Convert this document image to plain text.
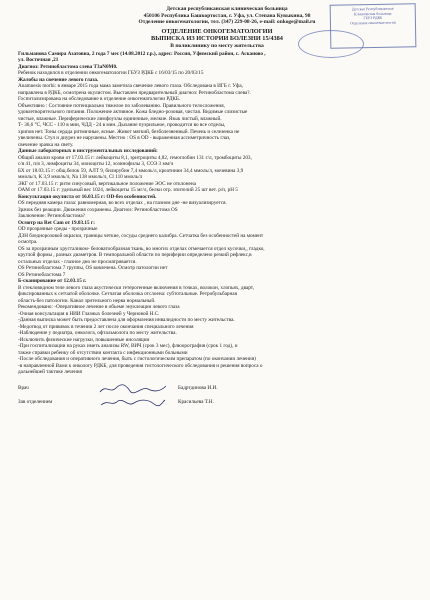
Детская Республиканская
Клиническая больница
ГБУЗ РДКБ
Отделение онкогематологии
Детская республиканская клиническая больница
450106 Республика Башкортостан, г. Уфа, ул. Степана Кувыкина, 98
Отделение онкогематологии, тел. (347) 229-08-26, e-mail: onkoge@mail.ru
ОТДЕЛЕНИЕ ОНКОГЕМАТОЛОГИИ
ВЫПИСКА ИЗ ИСТОРИИ БОЛЕЗНИ 15/4384
В поликлинику по месту жительства
Гильманова Самира Азатовна, 2 года 7 мес (14.08.2012 г.р.), адрес: Россия, Уфимский район, с. Асканово ,
ул. Восточная ,21
Диагноз: Ретинобластома слева T3aN0M0.
Ребенок находился в отделении онкогематологии ГБУЗ РДКБ с 16/03/15 по 20/03/15
Жалобы на свечение левого глаза.
Anamnesis morbi: в январе 2015 года мама заметила свечение левого глаза. Обследована в ИГБ г. Уфа,
направлена в РДКБ, осмотрена окулистом. Выставлен предварительный диагноз: Ретинобластома слева?.
Госпитализирована на обследование в отделение онкогематологии РДКБ.
Объективно : Состояние потенциально тяжелое по заболеванию. Правильного телосложения,
удовлетворительного питания. Положение активное. Кожа бледно-розовая, чистая. Видимые слизистые
чистые, влажные. Периферические лимфоузлы единичные, мелкие. Язык чистый, влажный.
Т- 36,6 °C, ЧСС - 110 в мин, ЧДД - 24 в мин. Дыхание пуэрильное, проводится во все отделы,
хрипов нет. Тоны сердца ритмичные, ясные. Живот мягкий, безболезненный. Печень и селезенка не
увеличены. Стул и диурез не нарушены. Местно : OS в OD - выраженная ассиметричность глаз,
свечение зрачка на свету.
Данные лабораторных и инструментальных исследований:
Общий анализ крови от 17.03.15 г: лейкоциты 8,1, эритроциты 4,82, гемоглобин 131 г/л, тромбоциты 203,
с/я 41, п/я 3, лимфоциты 34, моноциты 12, эозинофилы 3, СОЭ 3 мм/ч
БХ от 18.03.15 г: общ.белок 59, АЛТ 9, билирубин 7,4 ммоль/л, креатинин 34,4 ммоль/л, мочевина 3,9
ммоль/л, К 3,9 ммоль/л, Na 138 ммоль/л, Cl 110 ммоль/л
ЭКГ от 17.03.15 г: ритм синусовый, вертикальное положение ЭОС не отклонена
ОАМ от 17.03.15 г: удельный вес 1024, лейкоциты 15 мг/л, белки отр. эпителий 25 шт вет. р/п, рН 5
Консультация окулиста от 16.03.15 г: OD-без особенностей.
OS передняя камера глаза: равномерная, во всех отделах , на глазном дне -не визуализируется.
Зрачок без реакции. Движения сохранены. Диагноз: Ретинобластома OS
Заключение: Ретинобластома?
Осмотр на Ret Cam от 19.03.15 г:
OD прозрачные среды - прозрачные
ДЗН бледнорозовой окраски, границы четкие, сосуды среднего калибра. Сетчатка без особенностей на момент
осмотра.
OS за прозрачным хрусталиком- беловатообразная ткань, во многих отделах отмечается отдел кусочки,, гладко,
круглой формы , разных диаметров. В темпоральной области по периферии определено резкий рефлекс,в
остальных отделах - глазное дно не просматривается.
OS Ретинобластома 7 группы, ОS вовлечена. Осмотр патологии нет
OS Ретинобластома 7
Б-сканирование от 12.03.15 г.
В стекловидном теле левого глаза акустически гетерогенные включения в точках, волокон, хлопьях, дварт,
фиксированных к сетчатой оболочке. Сетчатая оболочка отслоена: субтотальные. Ретробульбарная
область-без патологии. Канал зрительного нерва нормальный.
Рекомендовано: -Оперативное лечение в объеме энуклеации левого глаза
-Очная консультация в НИИ Глазных болезней у Черновой Н.С.
-Данная выписка может быть предоставлена для оформления инвалидности по месту жительства.
-Медотвод от прививок в течении 2 лет после окончания специального лечения
-Наблюдение у педиатра, онколога, офтальмолога по месту жительства.
-Исключить физические нагрузки, повышенные инсоляции
-При госпитализации на руках иметь анализы RW, ВИЧ (срок 3 мес), флюорография (срок 1 год), и
также справки ребенку об отсутствии контакта с инфекционными больными
-После обследования и оперативного лечения, быть с гистологическим препаратом (по окончании лечения)
-в направленной Вами к онкологу РДКБ, для проведения гистологического обследования и решения вопроса о
дальнейшей тактике лечения
Врач	Бадртдинова И.И.
Зав отделением	Красильева Т.Н.
